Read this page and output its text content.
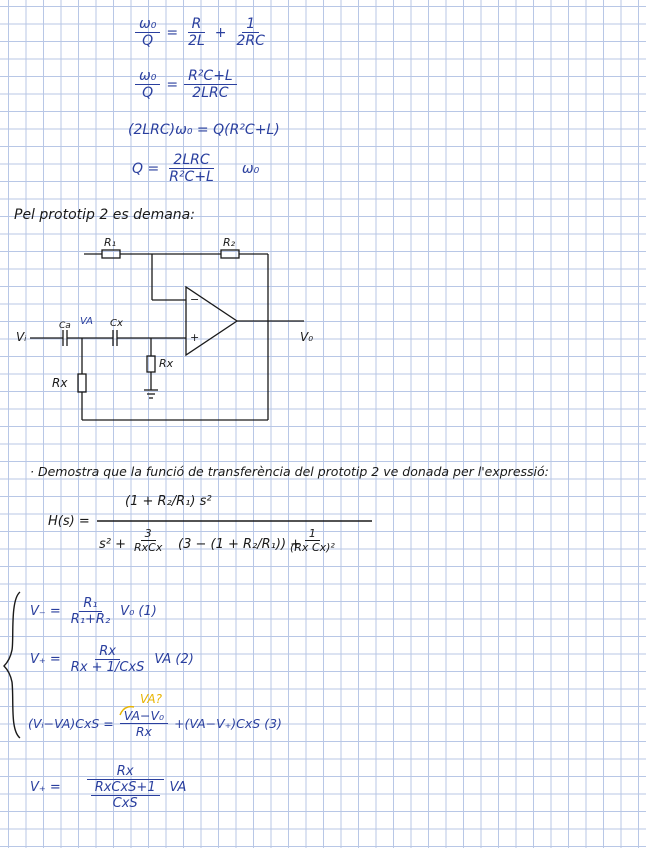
$\frac{\text{ω₀}}{Q} = \frac{R}{2L} + \frac{1}{2RC}$
$\frac{\text{ω₀}}{Q} = \frac{\text{R²C+L}}{\text{2LRC}}$
(2LRC)ω₀ = Q(R²C+L)
$Q = \frac{\text{2LRC}}{\text{R²C+L}} \omega_0$
Pel prototip 2 es demana:
R₁	R₂
−
+
Ca VA Cx
Vᵢ	V₀
Rx
Rx
· Demostra que la funció de transferència del prototip 2 ve donada per l'expressió:
H(s) =
(1 + R₂/R₁) s²
s² +
3
RxCx	(3 − (1 + R₂/R₁)) +
$\frac{1}{\text{(Rx Cx)²}}$
$V_- = \frac{\text{R₁}}{\text{R₁+R₂}} V_0$ (1)
$V_+ = \frac{Rx}{\text{Rx + 1/CxS}}$ VA (2)
VA?
(Vᵢ−VA)CxS = $\frac{\text{VA−V₀}}{Rx} +(VA-V_+)CxS$ (3)
V₊ =
Rx
RxCxS+1
CxS
VA
